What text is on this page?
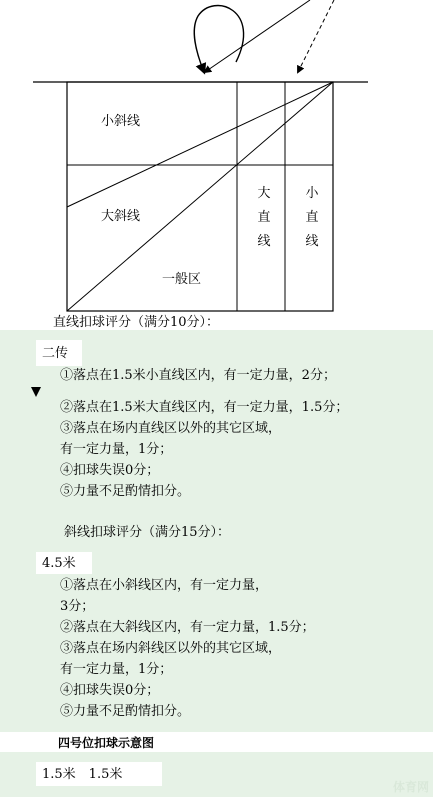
小斜线
大斜线
一般区
大
直
线
小
直
线
直线扣球评分（满分10分）：
二传
①落点在1.5米小直线区内，有一定力量，2分；
②落点在1.5米大直线区内，有一定力量，1.5分；
③落点在场内直线区以外的其它区域，
有一定力量，1分；
④扣球失误0分；
⑤力量不足酌情扣分。
斜线扣球评分（满分15分）：
4.5米
①落点在小斜线区内，有一定力量，
3分；
②落点在大斜线区内，有一定力量，1.5分；
③落点在场内斜线区以外的其它区域，
有一定力量，1分；
④扣球失误0分；
⑤力量不足酌情扣分。
四号位扣球示意图
1.5米　1.5米
体育网
